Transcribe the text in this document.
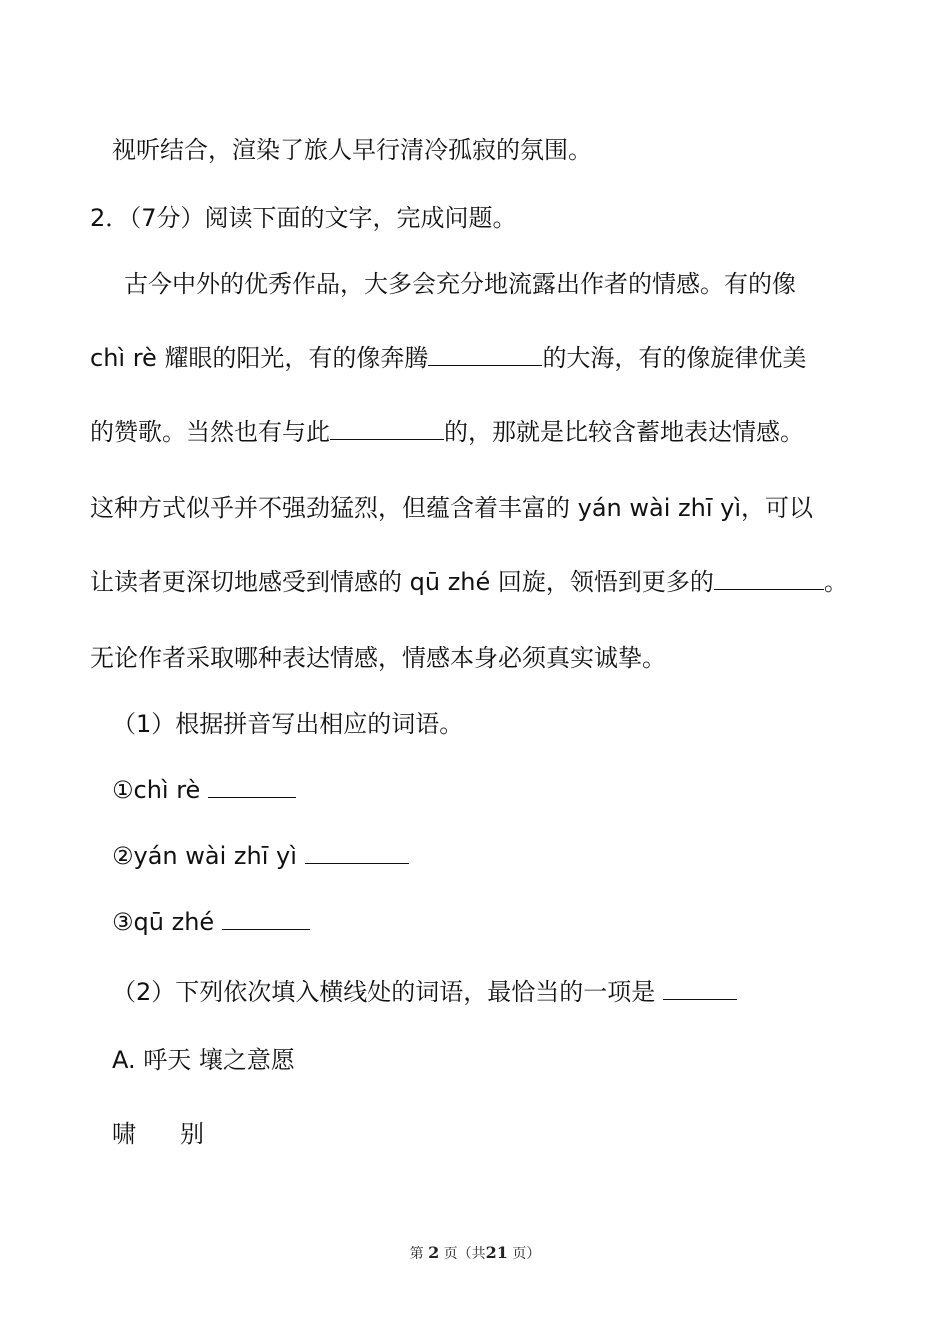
视听结合，渲染了旅人早行清冷孤寂的氛围。
2．（7分）阅读下面的文字，完成问题。
古今中外的优秀作品，大多会充分地流露出作者的情感。有的像
chì rè 耀眼的阳光，有的像奔腾	的大海，有的像旋律优美
的赞歌。当然也有与此	的，那就是比较含蓄地表达情感。
这种方式似乎并不强劲猛烈，但蕴含着丰富的 yán wài zhī yì，可以
让读者更深切地感受到情感的 qū zhé 回旋，领悟到更多的	。
无论作者采取哪种表达情感，情感本身必须真实诚挚。
（1）根据拼音写出相应的词语。
①chì rè
②yán wài zhī yì
③qū zhé
（2）下列依次填入横线处的词语，最恰当的一项是
A. 呼天 壤之意愿
啸 别
第 2 页（共21 页）
